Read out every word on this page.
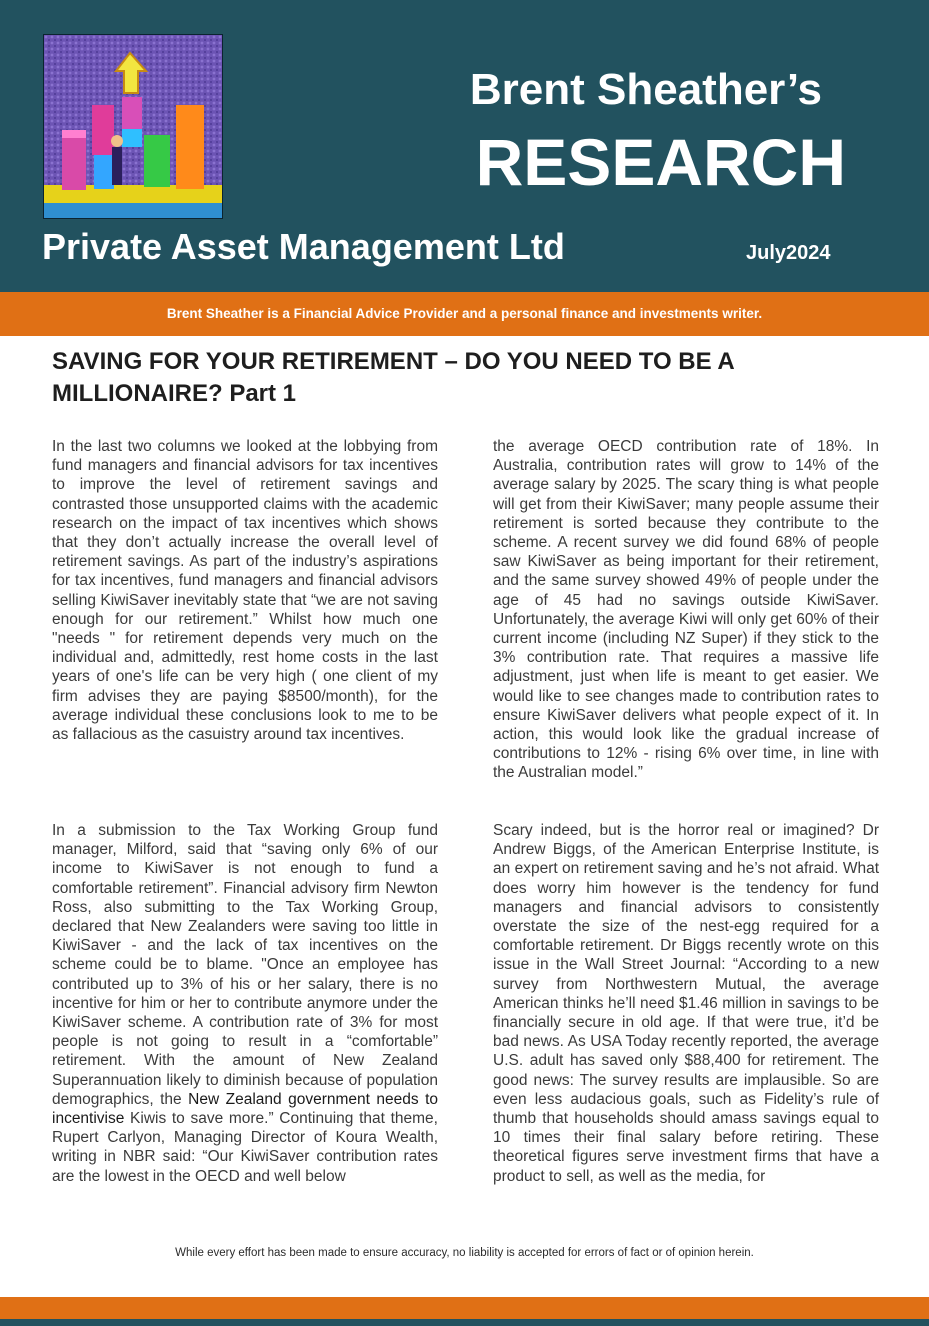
Brent Sheather’s
RESEARCH
Private Asset Management Ltd	July2024
Brent Sheather is a Financial Advice Provider and a personal finance and investments writer.
SAVING FOR YOUR RETIREMENT – DO YOU NEED TO BE A MILLIONAIRE? Part 1

In the last two columns we looked at the lobbying from fund managers and financial advisors for tax incentives to improve the level of retirement savings and contrasted those unsupported claims with the academic research on the impact of tax incentives which shows that they don’t actually increase the overall level of retirement savings. As part of the industry’s aspirations for tax incentives, fund managers and financial advisors selling KiwiSaver inevitably state that “we are not saving enough for our retirement.” Whilst how much one "needs " for retirement depends very much on the individual and, admittedly, rest home costs in the last years of one's life can be very high ( one client of my firm advises they are paying $8500/month), for the average individual these conclusions look to me to be as fallacious as the casuistry around tax incentives.

In a submission to the Tax Working Group fund manager, Milford, said that “saving only 6% of our income to KiwiSaver is not enough to fund a comfortable retirement”. Financial advisory firm Newton Ross, also submitting to the Tax Working Group, declared that New Zealanders were saving too little in KiwiSaver - and the lack of tax incentives on the scheme could be to blame. "Once an employee has contributed up to 3% of his or her salary, there is no incentive for him or her to contribute anymore under the KiwiSaver scheme. A contribution rate of 3% for most people is not going to result in a “comfortable” retirement. With the amount of New Zealand Superannuation likely to diminish because of population demographics, the New Zealand government needs to incentivise Kiwis to save more.” Continuing that theme, Rupert Carlyon, Managing Director of Koura Wealth, writing in NBR said: “Our KiwiSaver contribution rates are the lowest in the OECD and well below

the average OECD contribution rate of 18%. In Australia, contribution rates will grow to 14% of the average salary by 2025. The scary thing is what people will get from their KiwiSaver; many people assume their retirement is sorted because they contribute to the scheme. A recent survey we did found 68% of people saw KiwiSaver as being important for their retirement, and the same survey showed 49% of people under the age of 45 had no savings outside KiwiSaver. Unfortunately, the average Kiwi will only get 60% of their current income (including NZ Super) if they stick to the 3% contribution rate. That requires a massive life adjustment, just when life is meant to get easier. We would like to see changes made to contribution rates to ensure KiwiSaver delivers what people expect of it. In action, this would look like the gradual increase of contributions to 12% - rising 6% over time, in line with the Australian model.”

Scary indeed, but is the horror real or imagined? Dr Andrew Biggs, of the American Enterprise Institute, is an expert on retirement saving and he’s not afraid. What does worry him however is the tendency for fund managers and financial advisors to consistently overstate the size of the nest-egg required for a comfortable retirement. Dr Biggs recently wrote on this issue in the Wall Street Journal: “According to a new survey from Northwestern Mutual, the average American thinks he’ll need $1.46 million in savings to be financially secure in old age. If that were true, it’d be bad news. As USA Today recently reported, the average U.S. adult has saved only $88,400 for retirement. The good news: The survey results are implausible. So are even less audacious goals, such as Fidelity’s rule of thumb that households should amass savings equal to 10 times their final salary before retiring. These theoretical figures serve investment firms that have a product to sell, as well as the media, for

While every effort has been made to ensure accuracy, no liability is accepted for errors of fact or of opinion herein.
